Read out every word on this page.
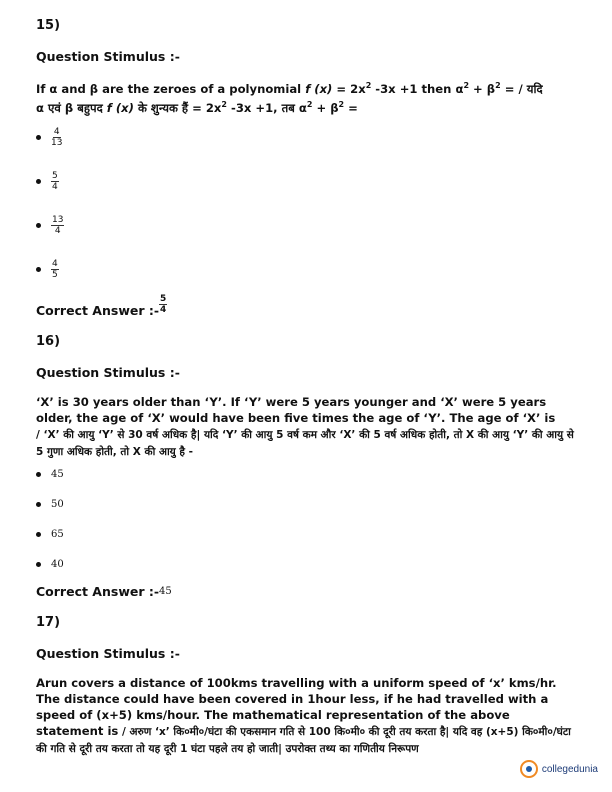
15)

Question Stimulus :-

If α and β are the zeroes of a polynomial f $(x) = 2x^2$ -3x +1 then $\alpha^2 + \beta^2$ = / यदि
α एवं β बहुपद f (x) के शुन्यक हैं = $2x^2$ -3x +1, तब $\alpha^2 + \beta^2$ =

$\frac{4}{13}$
$\frac{5}{4}$
$\frac{13}{4}$
$\frac{4}{5}$
Correct Answer :- $\frac{5}{4}$

16)

Question Stimulus :-

‘X’ is 30 years older than ‘Y’. If ‘Y’ were 5 years younger and ‘X’ were 5 years older, the age of ‘X’ would have been five times the age of ‘Y’. The age of ‘X’ is
/ ‘X’ की आयु ‘Y’ से 30 वर्ष अधिक है| यदि ‘Y’ की आयु 5 वर्ष कम और ‘X’ की 5 वर्ष अधिक होती, तो X की आयु ‘Y’ की आयु से 5 गुणा अधिक होती, तो X की आयु है -

45
50
65
40
Correct Answer :- 45

17)

Question Stimulus :-

Arun covers a distance of 100kms travelling with a uniform speed of ‘x’ kms/hr. The distance could have been covered in 1hour less, if he had travelled with a speed of (x+5) kms/hour. The mathematical representation of the above statement is / अरुण ‘x’ कि०मी०/घंटा की एकसमान गति से 100 कि०मी० की दूरी तय करता है| यदि वह (x+5) कि०मी०/घंटा की गति से दूरी तय करता तो यह दूरी 1 घंटा पहले तय हो जाती| उपरोक्त तथ्य का गणितीय निरूपण

collegedunia
